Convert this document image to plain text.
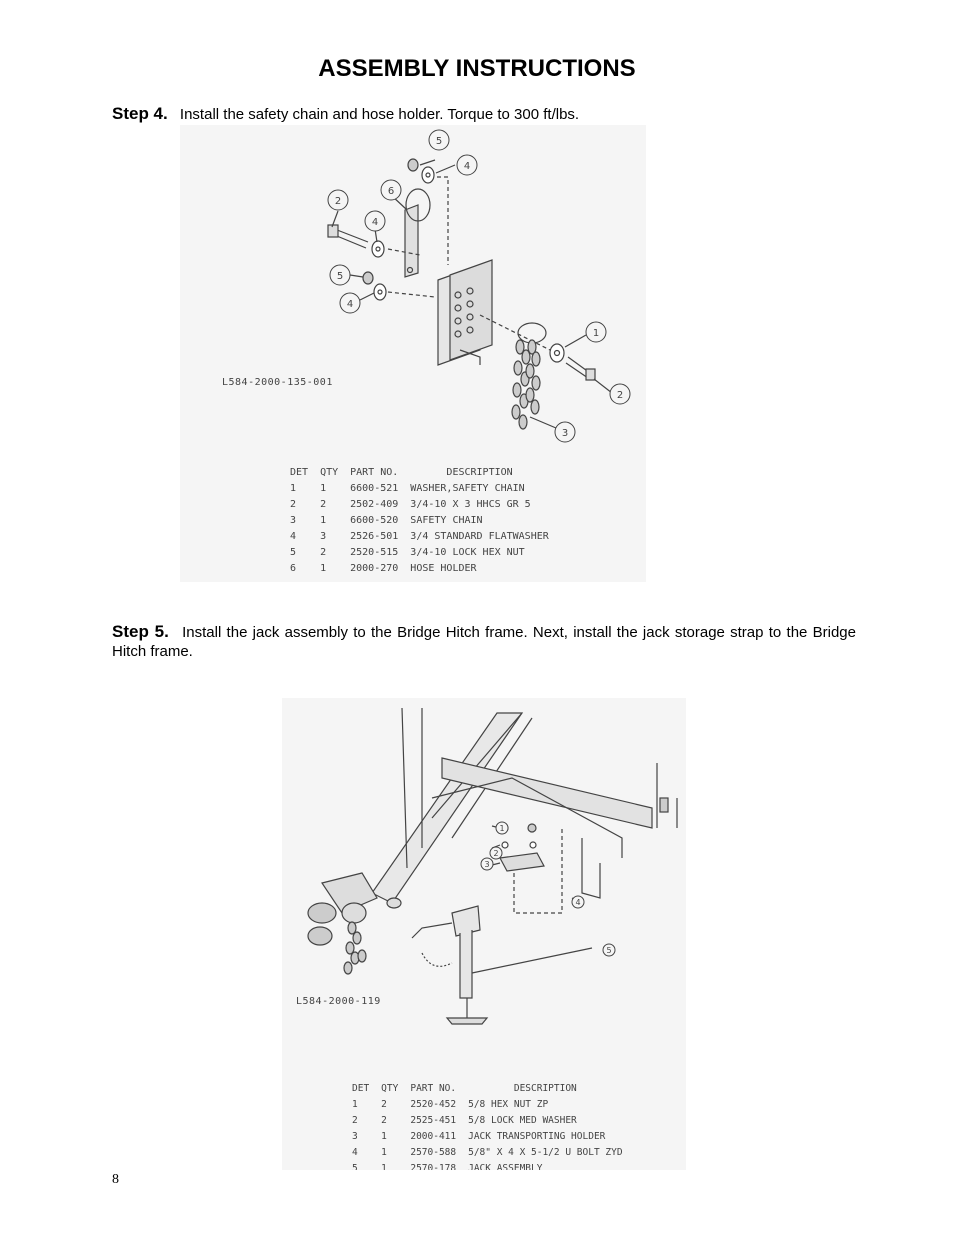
ASSEMBLY INSTRUCTIONS
Step 4. Install the safety chain and hose holder. Torque to 300 ft/lbs.
5
4
6
2
4
5
4
1
2
3
L584-2000-135-001
DET	QTY	PART NO.	DESCRIPTION
1	1	6600-521	WASHER,SAFETY CHAIN
2	2	2502-409	3/4-10 X 3 HHCS GR 5
3	1	6600-520	SAFETY CHAIN
4	3	2526-501	3/4 STANDARD FLATWASHER
5	2	2520-515	3/4-10 LOCK HEX NUT
6	1	2000-270	HOSE HOLDER
Step 5. Install the jack assembly to the Bridge Hitch frame. Next, install the jack storage strap to the Bridge Hitch frame.
1
2
3
4
5
L584-2000-119
DET	QTY	PART NO.	DESCRIPTION
1	2	2520-452	5/8 HEX NUT ZP
2	2	2525-451	5/8 LOCK MED WASHER
3	1	2000-411	JACK TRANSPORTING HOLDER
4	1	2570-588	5/8" X 4 X 5-1/2 U BOLT ZYD
5	1	2570-178	JACK ASSEMBLY
8
